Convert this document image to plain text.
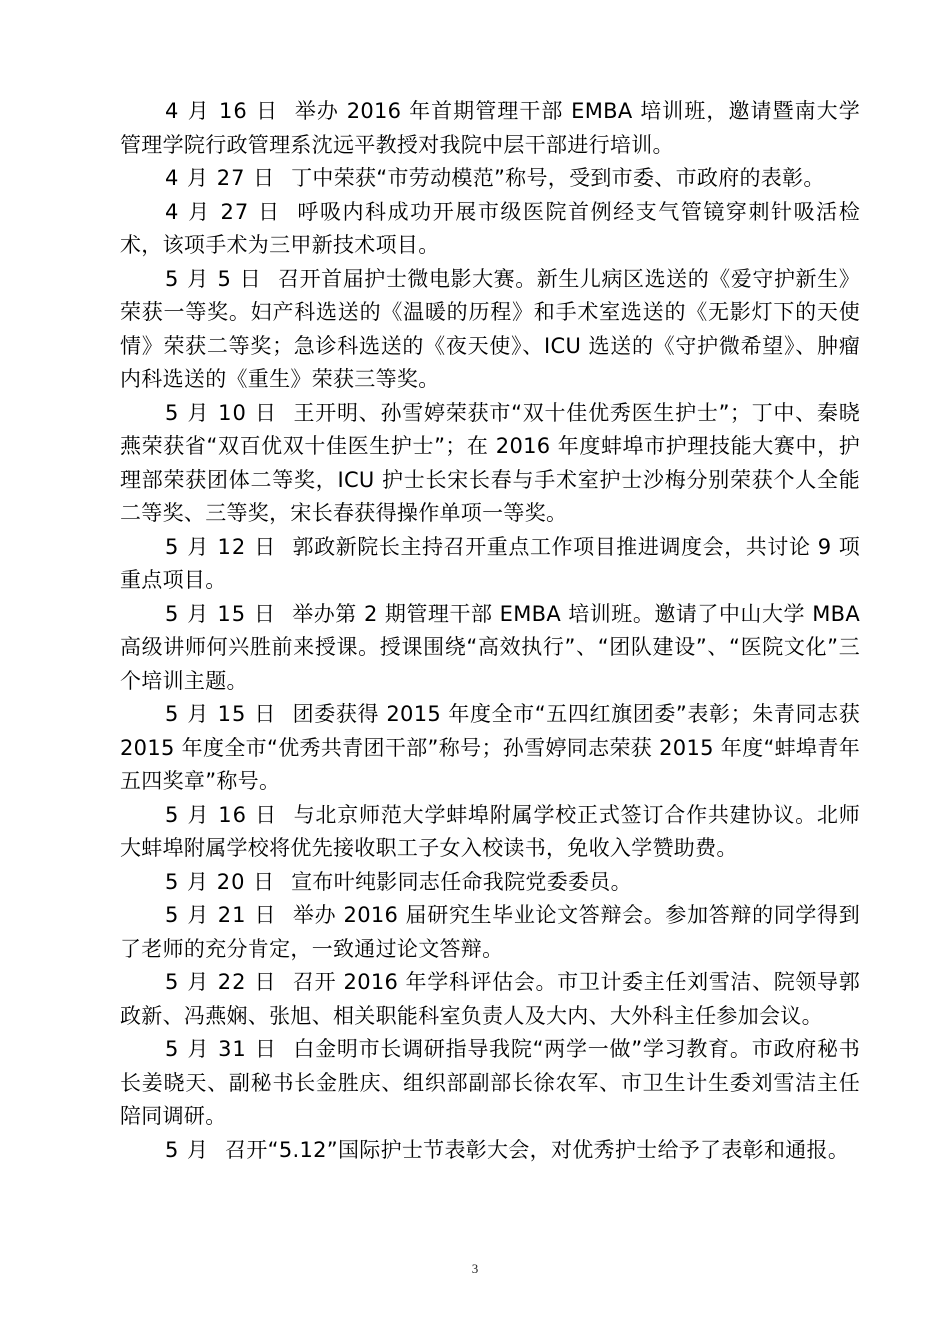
4 月 16 日 举办 2016 年首期管理干部 EMBA 培训班，邀请暨南大学管理学院行政管理系沈远平教授对我院中层干部进行培训。

4 月 27 日 丁中荣获“市劳动模范”称号，受到市委、市政府的表彰。

4 月 27 日 呼吸内科成功开展市级医院首例经支气管镜穿刺针吸活检术，该项手术为三甲新技术项目。

5 月 5 日 召开首届护士微电影大赛。新生儿病区选送的《爱守护新生》荣获一等奖。妇产科选送的《温暖的历程》和手术室选送的《无影灯下的天使情》荣获二等奖；急诊科选送的《夜天使》、ICU 选送的《守护微希望》、肿瘤内科选送的《重生》荣获三等奖。

5 月 10 日 王开明、孙雪婷荣获市“双十佳优秀医生护士”；丁中、秦晓燕荣获省“双百优双十佳医生护士”；在 2016 年度蚌埠市护理技能大赛中，护理部荣获团体二等奖，ICU 护士长宋长春与手术室护士沙梅分别荣获个人全能二等奖、三等奖，宋长春获得操作单项一等奖。

5 月 12 日 郭政新院长主持召开重点工作项目推进调度会，共讨论 9 项重点项目。

5 月 15 日 举办第 2 期管理干部 EMBA 培训班。邀请了中山大学 MBA 高级讲师何兴胜前来授课。授课围绕“高效执行”、“团队建设”、“医院文化”三个培训主题。

5 月 15 日 团委获得 2015 年度全市“五四红旗团委”表彰；朱青同志获 2015 年度全市“优秀共青团干部”称号；孙雪婷同志荣获 2015 年度“蚌埠青年五四奖章”称号。

5 月 16 日 与北京师范大学蚌埠附属学校正式签订合作共建协议。北师大蚌埠附属学校将优先接收职工子女入校读书，免收入学赞助费。

5 月 20 日 宣布叶纯影同志任命我院党委委员。

5 月 21 日 举办 2016 届研究生毕业论文答辩会。参加答辩的同学得到了老师的充分肯定，一致通过论文答辩。

5 月 22 日 召开 2016 年学科评估会。市卫计委主任刘雪洁、院领导郭政新、冯燕娴、张旭、相关职能科室负责人及大内、大外科主任参加会议。

5 月 31 日 白金明市长调研指导我院“两学一做”学习教育。市政府秘书长姜晓天、副秘书长金胜庆、组织部副部长徐农军、市卫生计生委刘雪洁主任陪同调研。

5 月 召开“5.12”国际护士节表彰大会，对优秀护士给予了表彰和通报。

3
